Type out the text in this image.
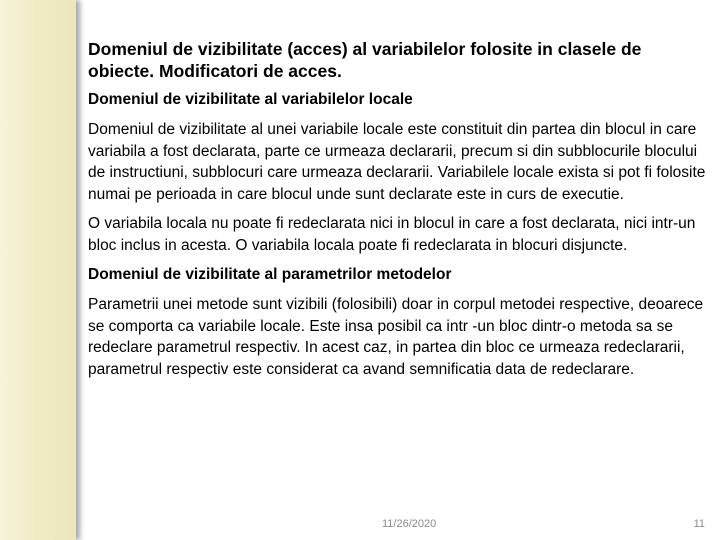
Domeniul de vizibilitate (acces) al variabilelor folosite in clasele de obiecte. Modificatori de acces.
Domeniul de vizibilitate al variabilelor locale
Domeniul de vizibilitate al unei variabile locale este constituit din partea din blocul in care variabila a fost declarata, parte ce urmeaza declararii, precum si din subblocurile blocului de instructiuni, subblocuri care urmeaza declararii. Variabilele locale exista si pot fi folosite numai pe perioada in care blocul unde sunt declarate este in curs de executie.
O variabila locala nu poate fi redeclarata nici in blocul in care a fost declarata, nici intr-un bloc inclus in acesta. O variabila locala poate fi redeclarata in blocuri disjuncte.
Domeniul de vizibilitate al parametrilor metodelor
Parametrii unei metode sunt vizibili (folosibili) doar in corpul metodei respective, deoarece se comporta ca variabile locale. Este insa posibil ca intr -un bloc dintr-o metoda sa se redeclare parametrul respectiv. In acest caz, in partea din bloc ce urmeaza redeclararii, parametrul respectiv este considerat ca avand semnificatia data de redeclarare.
11/26/2020	11
